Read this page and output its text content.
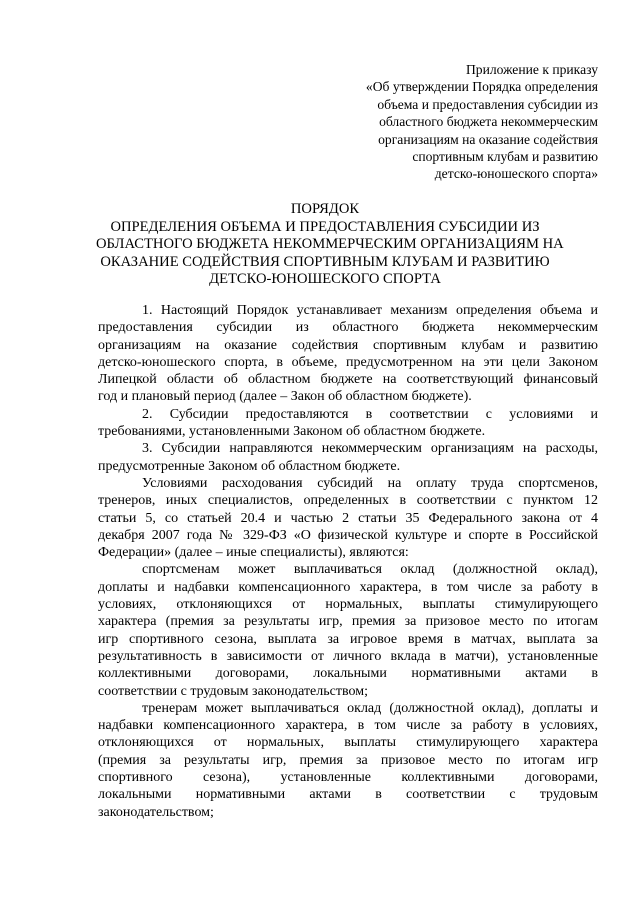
Приложение к приказу
«Об утверждении Порядка определения
объема и предоставления субсидии из
областного бюджета некоммерческим
организациям на оказание содействия
спортивным клубам и развитию
детско-юношеского спорта»
ПОРЯДОК
ОПРЕДЕЛЕНИЯ ОБЪЕМА И ПРЕДОСТАВЛЕНИЯ СУБСИДИИ ИЗ
ОБЛАСТНОГО БЮДЖЕТА НЕКОММЕРЧЕСКИМ ОРГАНИЗАЦИЯМ НА
ОКАЗАНИЕ СОДЕЙСТВИЯ СПОРТИВНЫМ КЛУБАМ И РАЗВИТИЮ
ДЕТСКО-ЮНОШЕСКОГО СПОРТА
1. Настоящий Порядок устанавливает механизм определения объема и
предоставления субсидии из областного бюджета некоммерческим
организациям на оказание содействия спортивным клубам и развитию
детско-юношеского спорта, в объеме, предусмотренном на эти цели Законом
Липецкой области об областном бюджете на соответствующий финансовый
год и плановый период (далее – Закон об областном бюджете).
2. Субсидии предоставляются в соответствии с условиями и
требованиями, установленными Законом об областном бюджете.
3. Субсидии направляются некоммерческим организациям на расходы,
предусмотренные Законом об областном бюджете.
Условиями расходования субсидий на оплату труда спортсменов,
тренеров, иных специалистов, определенных в соответствии с пунктом 12
статьи 5, со статьей 20.4 и частью 2 статьи 35 Федерального закона от 4
декабря 2007 года № 329-ФЗ «О физической культуре и спорте в Российской
Федерации» (далее – иные специалисты), являются:
спортсменам может выплачиваться оклад (должностной оклад),
доплаты и надбавки компенсационного характера, в том числе за работу в
условиях, отклоняющихся от нормальных, выплаты стимулирующего
характера (премия за результаты игр, премия за призовое место по итогам
игр спортивного сезона, выплата за игровое время в матчах, выплата за
результативность в зависимости от личного вклада в матчи), установленные
коллективными договорами, локальными нормативными актами в
соответствии с трудовым законодательством;
тренерам может выплачиваться оклад (должностной оклад), доплаты и
надбавки компенсационного характера, в том числе за работу в условиях,
отклоняющихся от нормальных, выплаты стимулирующего характера
(премия за результаты игр, премия за призовое место по итогам игр
спортивного сезона), установленные коллективными договорами,
локальными нормативными актами в соответствии с трудовым
законодательством;
